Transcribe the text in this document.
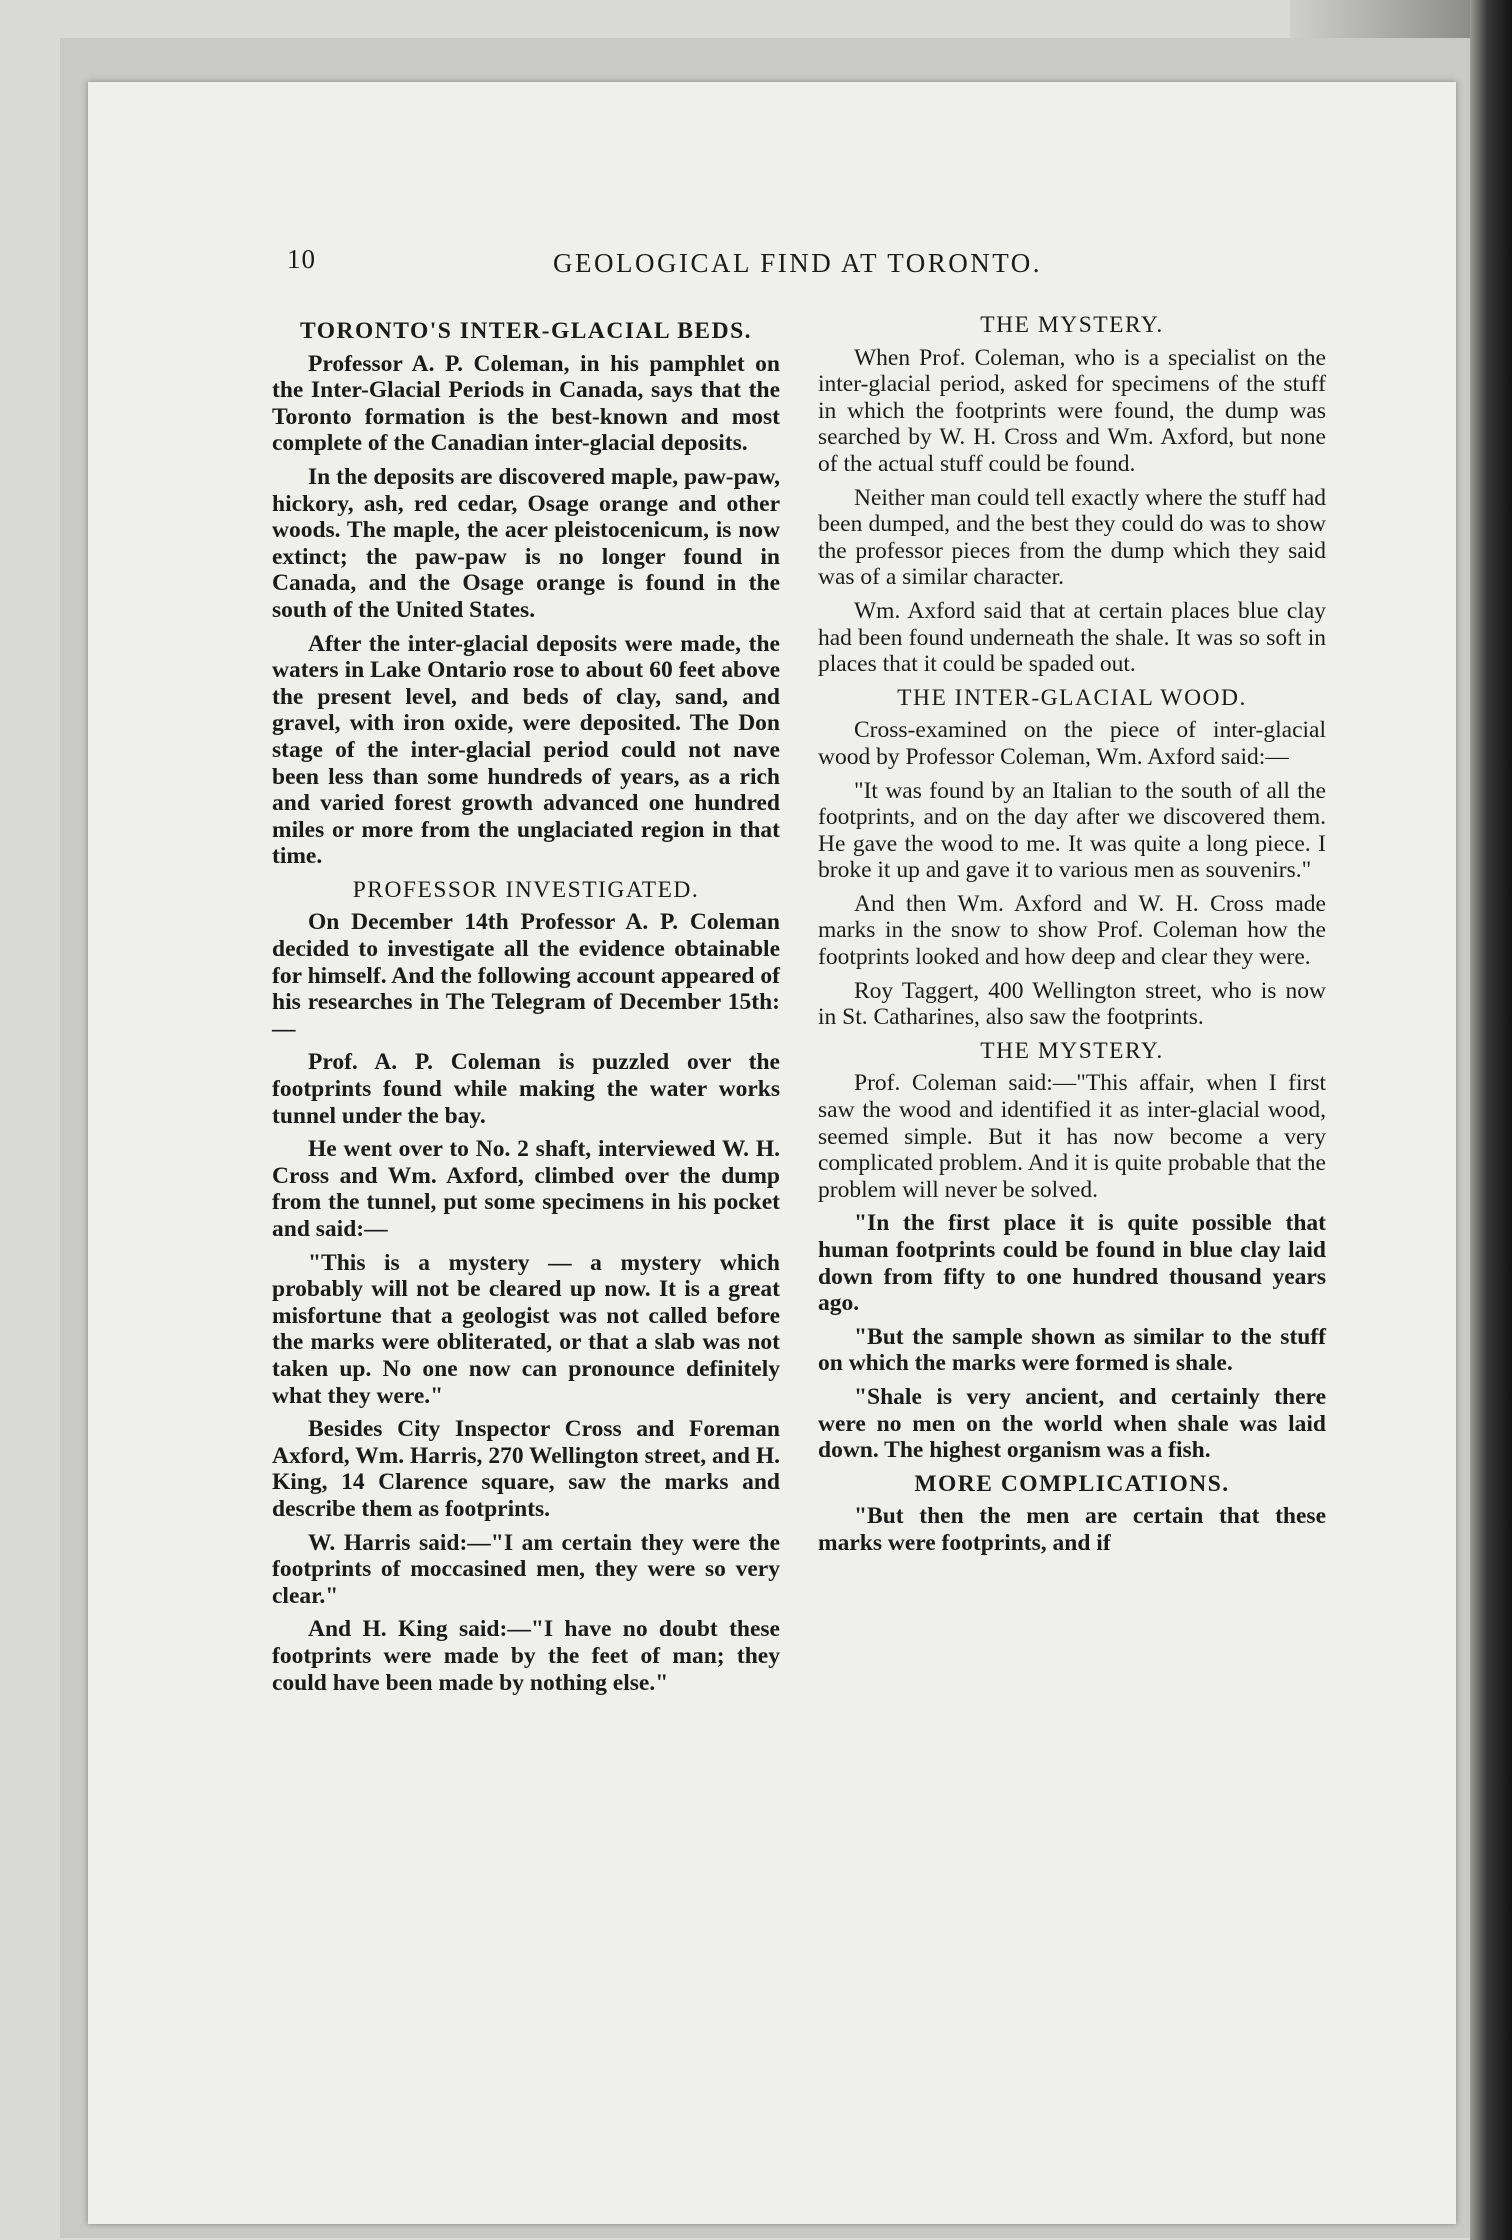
10	GEOLOGICAL FIND AT TORONTO.
TORONTO'S INTER-GLACIAL BEDS.

Professor A. P. Coleman, in his pamphlet on the Inter-Glacial Periods in Canada, says that the Toronto formation is the best-known and most complete of the Canadian inter-glacial deposits.

In the deposits are discovered maple, paw-paw, hickory, ash, red cedar, Osage orange and other woods. The maple, the acer pleistocenicum, is now extinct; the paw-paw is no longer found in Canada, and the Osage orange is found in the south of the United States.

After the inter-glacial deposits were made, the waters in Lake Ontario rose to about 60 feet above the present level, and beds of clay, sand, and gravel, with iron oxide, were deposited. The Don stage of the inter-glacial period could not nave been less than some hundreds of years, as a rich and varied forest growth advanced one hundred miles or more from the unglaciated region in that time.

PROFESSOR INVESTIGATED.

On December 14th Professor A. P. Coleman decided to investigate all the evidence obtainable for himself. And the following account appeared of his researches in The Telegram of December 15th:—

Prof. A. P. Coleman is puzzled over the footprints found while making the water works tunnel under the bay.

He went over to No. 2 shaft, interviewed W. H. Cross and Wm. Axford, climbed over the dump from the tunnel, put some specimens in his pocket and said:—

"This is a mystery — a mystery which probably will not be cleared up now. It is a great misfortune that a geologist was not called before the marks were obliterated, or that a slab was not taken up. No one now can pronounce definitely what they were."

Besides City Inspector Cross and Foreman Axford, Wm. Harris, 270 Wellington street, and H. King, 14 Clarence square, saw the marks and describe them as footprints.

W. Harris said:—"I am certain they were the footprints of moccasined men, they were so very clear."

And H. King said:—"I have no doubt these footprints were made by the feet of man; they could have been made by nothing else."

THE MYSTERY.

When Prof. Coleman, who is a specialist on the inter-glacial period, asked for specimens of the stuff in which the footprints were found, the dump was searched by W. H. Cross and Wm. Axford, but none of the actual stuff could be found.

Neither man could tell exactly where the stuff had been dumped, and the best they could do was to show the professor pieces from the dump which they said was of a similar character.

Wm. Axford said that at certain places blue clay had been found underneath the shale. It was so soft in places that it could be spaded out.

THE INTER-GLACIAL WOOD.

Cross-examined on the piece of inter-glacial wood by Professor Coleman, Wm. Axford said:—

"It was found by an Italian to the south of all the footprints, and on the day after we discovered them. He gave the wood to me. It was quite a long piece. I broke it up and gave it to various men as souvenirs."

And then Wm. Axford and W. H. Cross made marks in the snow to show Prof. Coleman how the footprints looked and how deep and clear they were.

Roy Taggert, 400 Wellington street, who is now in St. Catharines, also saw the footprints.

THE MYSTERY.

Prof. Coleman said:—"This affair, when I first saw the wood and identified it as inter-glacial wood, seemed simple. But it has now become a very complicated problem. And it is quite probable that the problem will never be solved.

"In the first place it is quite possible that human footprints could be found in blue clay laid down from fifty to one hundred thousand years ago.

"But the sample shown as similar to the stuff on which the marks were formed is shale.

"Shale is very ancient, and certainly there were no men on the world when shale was laid down. The highest organism was a fish.

MORE COMPLICATIONS.

"But then the men are certain that these marks were footprints, and if
